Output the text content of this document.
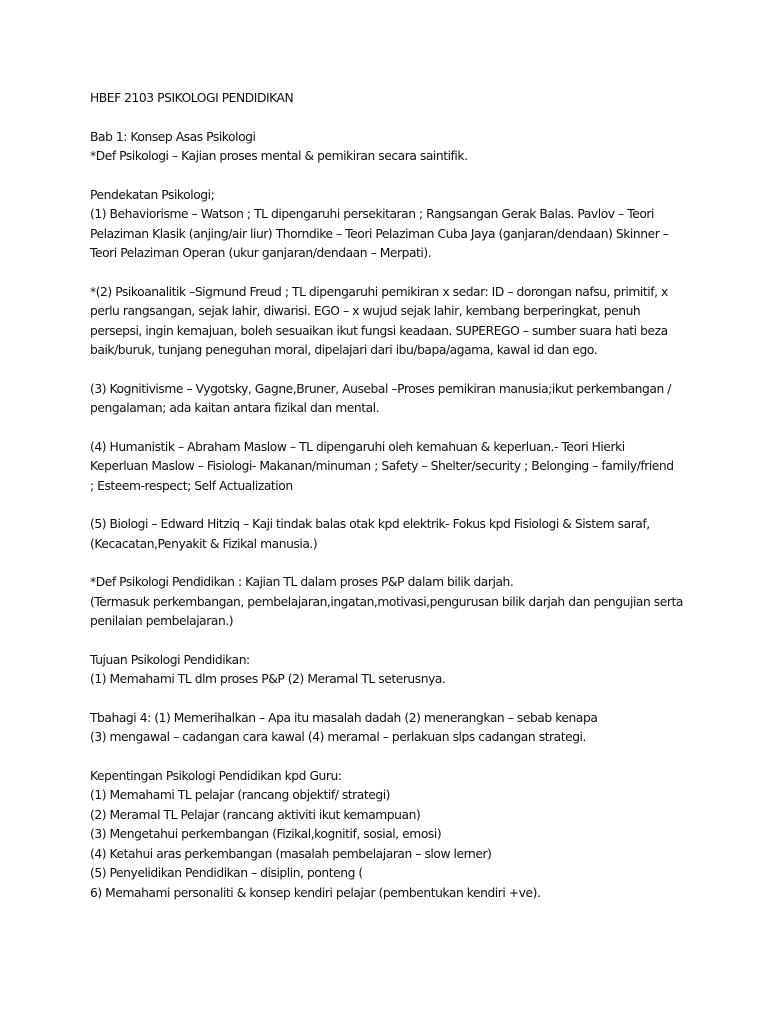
HBEF 2103 PSIKOLOGI PENDIDIKAN
Bab 1: Konsep Asas Psikologi
*Def Psikologi – Kajian proses mental & pemikiran secara saintifik.
Pendekatan Psikologi;
(1) Behaviorisme – Watson ; TL dipengaruhi persekitaran ; Rangsangan Gerak Balas. Pavlov – Teori
Pelaziman Klasik (anjing/air liur) Thorndike – Teori Pelaziman Cuba Jaya (ganjaran/dendaan) Skinner –
Teori Pelaziman Operan (ukur ganjaran/dendaan – Merpati).
*(2) Psikoanalitik –Sigmund Freud ; TL dipengaruhi pemikiran x sedar: ID – dorongan nafsu, primitif, x
perlu rangsangan, sejak lahir, diwarisi. EGO – x wujud sejak lahir, kembang berperingkat, penuh
persepsi, ingin kemajuan, boleh sesuaikan ikut fungsi keadaan. SUPEREGO – sumber suara hati beza
baik/buruk, tunjang peneguhan moral, dipelajari dari ibu/bapa/agama, kawal id dan ego.
(3) Kognitivisme – Vygotsky, Gagne,Bruner, Ausebal –Proses pemikiran manusia;ikut perkembangan /
pengalaman; ada kaitan antara fizikal dan mental.
(4) Humanistik – Abraham Maslow – TL dipengaruhi oleh kemahuan & keperluan.- Teori Hierki
Keperluan Maslow – Fisiologi- Makanan/minuman ; Safety – Shelter/security ; Belonging – family/friend
; Esteem-respect; Self Actualization
(5) Biologi – Edward Hitziq – Kaji tindak balas otak kpd elektrik- Fokus kpd Fisiologi & Sistem saraf,
(Kecacatan,Penyakit & Fizikal manusia.)
*Def Psikologi Pendidikan : Kajian TL dalam proses P&P dalam bilik darjah.
(Termasuk perkembangan, pembelajaran,ingatan,motivasi,pengurusan bilik darjah dan pengujian serta
penilaian pembelajaran.)
Tujuan Psikologi Pendidikan:
(1) Memahami TL dlm proses P&P (2) Meramal TL seterusnya.
Tbahagi 4: (1) Memerihalkan – Apa itu masalah dadah (2) menerangkan – sebab kenapa
(3) mengawal – cadangan cara kawal (4) meramal – perlakuan slps cadangan strategi.
Kepentingan Psikologi Pendidikan kpd Guru:
(1) Memahami TL pelajar (rancang objektif/ strategi)
(2) Meramal TL Pelajar (rancang aktiviti ikut kemampuan)
(3) Mengetahui perkembangan (Fizikal,kognitif, sosial, emosi)
(4) Ketahui aras perkembangan (masalah pembelajaran – slow lerner)
(5) Penyelidikan Pendidikan – disiplin, ponteng (
6) Memahami personaliti & konsep kendiri pelajar (pembentukan kendiri +ve).
